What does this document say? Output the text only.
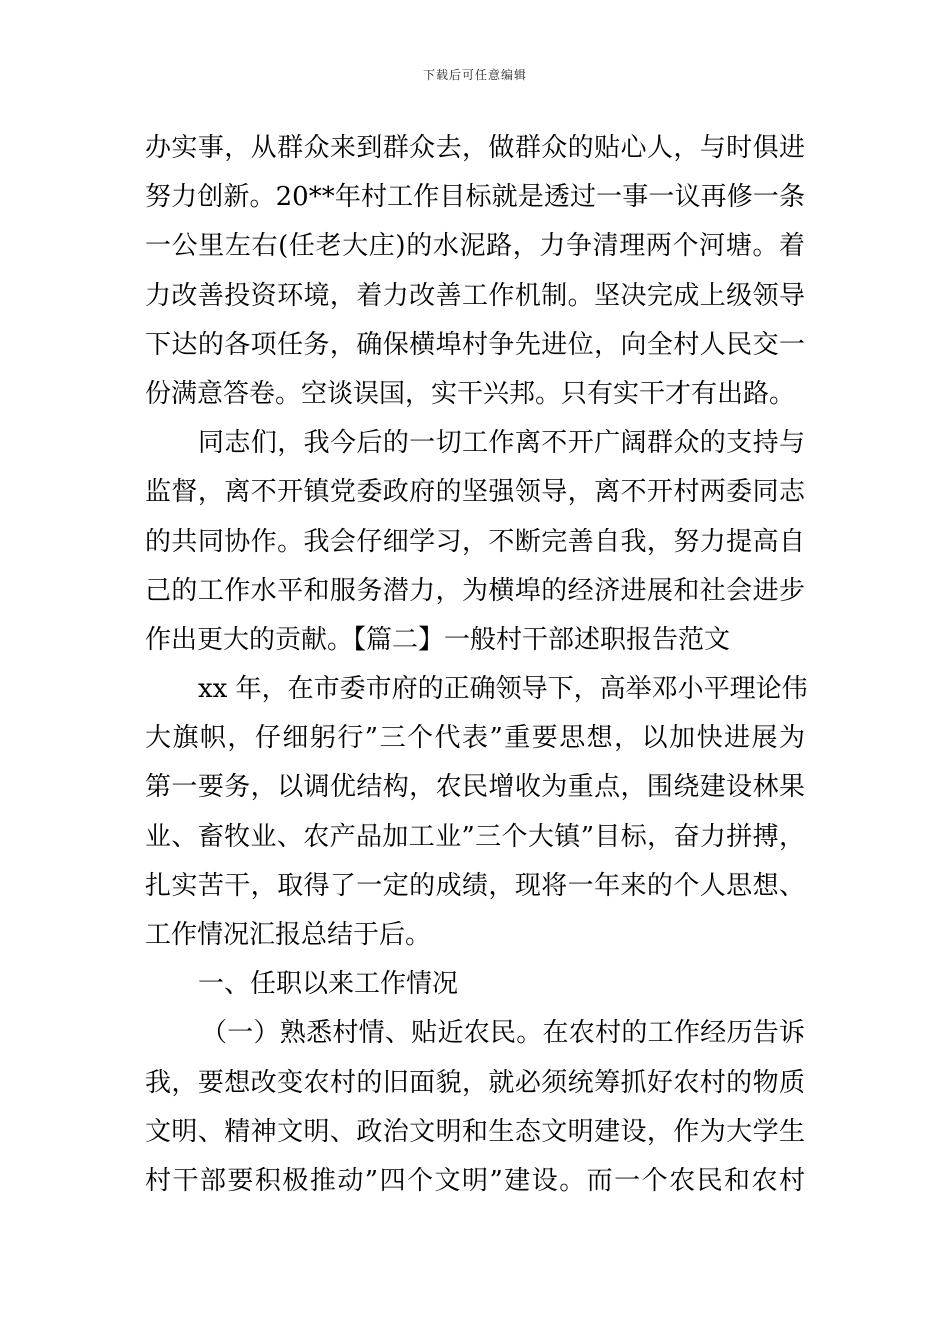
下载后可任意编辑
办实事，从群众来到群众去，做群众的贴心人，与时俱进
努力创新。20**年村工作目标就是透过一事一议再修一条
一公里左右(任老大庄)的水泥路，力争清理两个河塘。着
力改善投资环境，着力改善工作机制。坚决完成上级领导
下达的各项任务，确保横埠村争先进位，向全村人民交一
份满意答卷。空谈误国，实干兴邦。只有实干才有出路。
同志们，我今后的一切工作离不开广阔群众的支持与
监督，离不开镇党委政府的坚强领导，离不开村两委同志
的共同协作。我会仔细学习，不断完善自我，努力提高自
己的工作水平和服务潜力，为横埠的经济进展和社会进步
作出更大的贡献。【篇二】一般村干部述职报告范文
xx 年，在市委市府的正确领导下，高举邓小平理论伟
大旗帜，仔细躬行”三个代表”重要思想，以加快进展为
第一要务，以调优结构，农民增收为重点，围绕建设林果
业、畜牧业、农产品加工业”三个大镇”目标，奋力拼搏，
扎实苦干，取得了一定的成绩，现将一年来的个人思想、
工作情况汇报总结于后。
一、任职以来工作情况
（一）熟悉村情、贴近农民。在农村的工作经历告诉
我，要想改变农村的旧面貌，就必须统筹抓好农村的物质
文明、精神文明、政治文明和生态文明建设，作为大学生
村干部要积极推动”四个文明”建设。而一个农民和农村
